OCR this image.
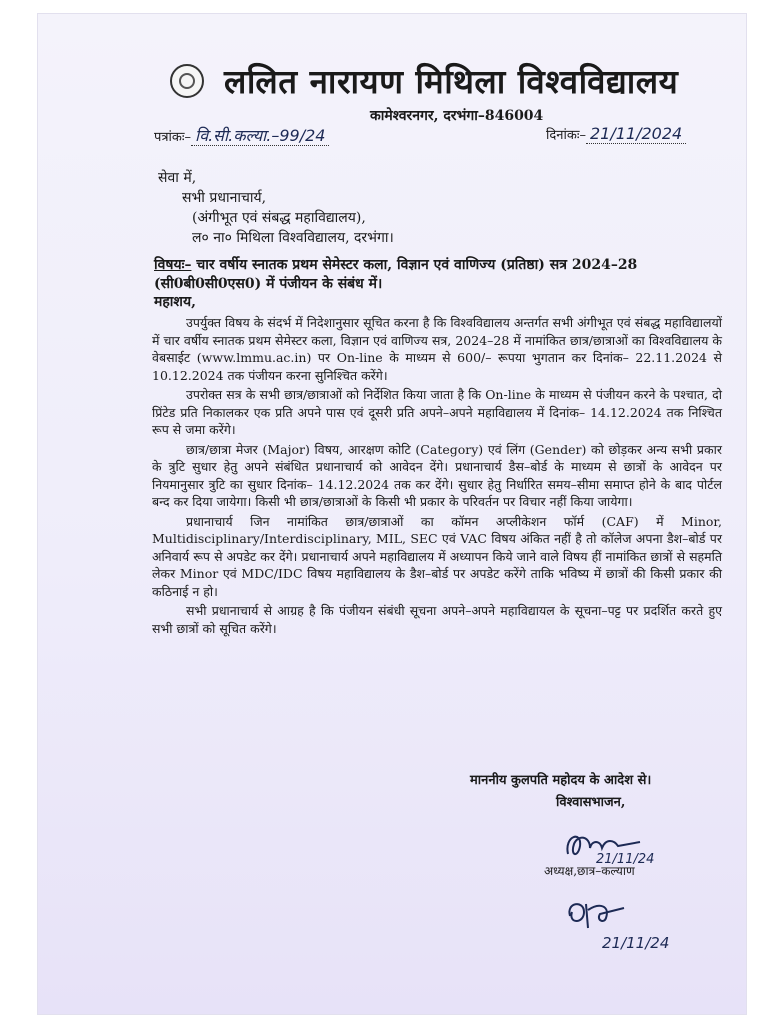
ललित नारायण मिथिला विश्वविद्यालय
कामेश्वरनगर, दरभंगा–846004
पत्रांकः– वि.सी.कल्या.–99/24	दिनांकः– 21/11/2024
सेवा में,
सभी प्रधानाचार्य,
(अंगीभूत एवं संबद्ध महाविद्यालय),
ल० ना० मिथिला विश्वविद्यालय, दरभंगा।
विषयः– चार वर्षीय स्नातक प्रथम सेमेस्टर कला, विज्ञान एवं वाणिज्य (प्रतिष्ठा) सत्र 2024–28 (सी0बी0सी0एस0) में पंजीयन के संबंध में।
महाशय,

उपर्युक्त विषय के संदर्भ में निदेशानुसार सूचित करना है कि विश्वविद्यालय अन्तर्गत सभी अंगीभूत एवं संबद्ध महाविद्यालयों में चार वर्षीय स्नातक प्रथम सेमेस्टर कला, विज्ञान एवं वाणिज्य सत्र, 2024–28 में नामांकित छात्र/छात्राओं का विश्वविद्यालय के वेबसाईट (www.lmmu.ac.in) पर On-line के माध्यम से 600/– रूपया भुगतान कर दिनांक– 22.11.2024 से 10.12.2024 तक पंजीयन करना सुनिश्चित करेंगे।

उपरोक्त सत्र के सभी छात्र/छात्राओं को निर्देशित किया जाता है कि On-line के माध्यम से पंजीयन करने के पश्चात, दो प्रिंटेड प्रति निकालकर एक प्रति अपने पास एवं दूसरी प्रति अपने–अपने महाविद्यालय में दिनांक– 14.12.2024 तक निश्चित रूप से जमा करेंगे।

छात्र/छात्रा मेजर (Major) विषय, आरक्षण कोटि (Category) एवं लिंग (Gender) को छोड़कर अन्य सभी प्रकार के त्रुटि सुधार हेतु अपने संबंधित प्रधानाचार्य को आवेदन देंगे। प्रधानाचार्य डैस–बोर्ड के माध्यम से छात्रों के आवेदन पर नियमानुसार त्रुटि का सुधार दिनांक– 14.12.2024 तक कर देंगे। सुधार हेतु निर्धारित समय–सीमा समाप्त होने के बाद पोर्टल बन्द कर दिया जायेगा। किसी भी छात्र/छात्राओं के किसी भी प्रकार के परिवर्तन पर विचार नहीं किया जायेगा।

प्रधानाचार्य जिन नामांकित छात्र/छात्राओं का कॉमन अप्लीकेशन फॉर्म (CAF) में Minor, Multidisciplinary/Interdisciplinary, MIL, SEC एवं VAC विषय अंकित नहीं है तो कॉलेज अपना डैश–बोर्ड पर अनिवार्य रूप से अपडेट कर देंगे। प्रधानाचार्य अपने महाविद्यालय में अध्यापन किये जाने वाले विषय हीं नामांकित छात्रों से सहमति लेकर Minor एवं MDC/IDC विषय महाविद्यालय के डैश–बोर्ड पर अपडेट करेंगे ताकि भविष्य में छात्रों की किसी प्रकार की कठिनाई न हो।

सभी प्रधानाचार्य से आग्रह है कि पंजीयन संबंधी सूचना अपने–अपने महाविद्यायल के सूचना–पट्ट पर प्रदर्शित करते हुए सभी छात्रों को सूचित करेंगे।

माननीय कुलपति महोदय के आदेश से।
विश्वासभाजन,
21/11/24
अध्यक्ष,छात्र–कल्याण
21/11/24
